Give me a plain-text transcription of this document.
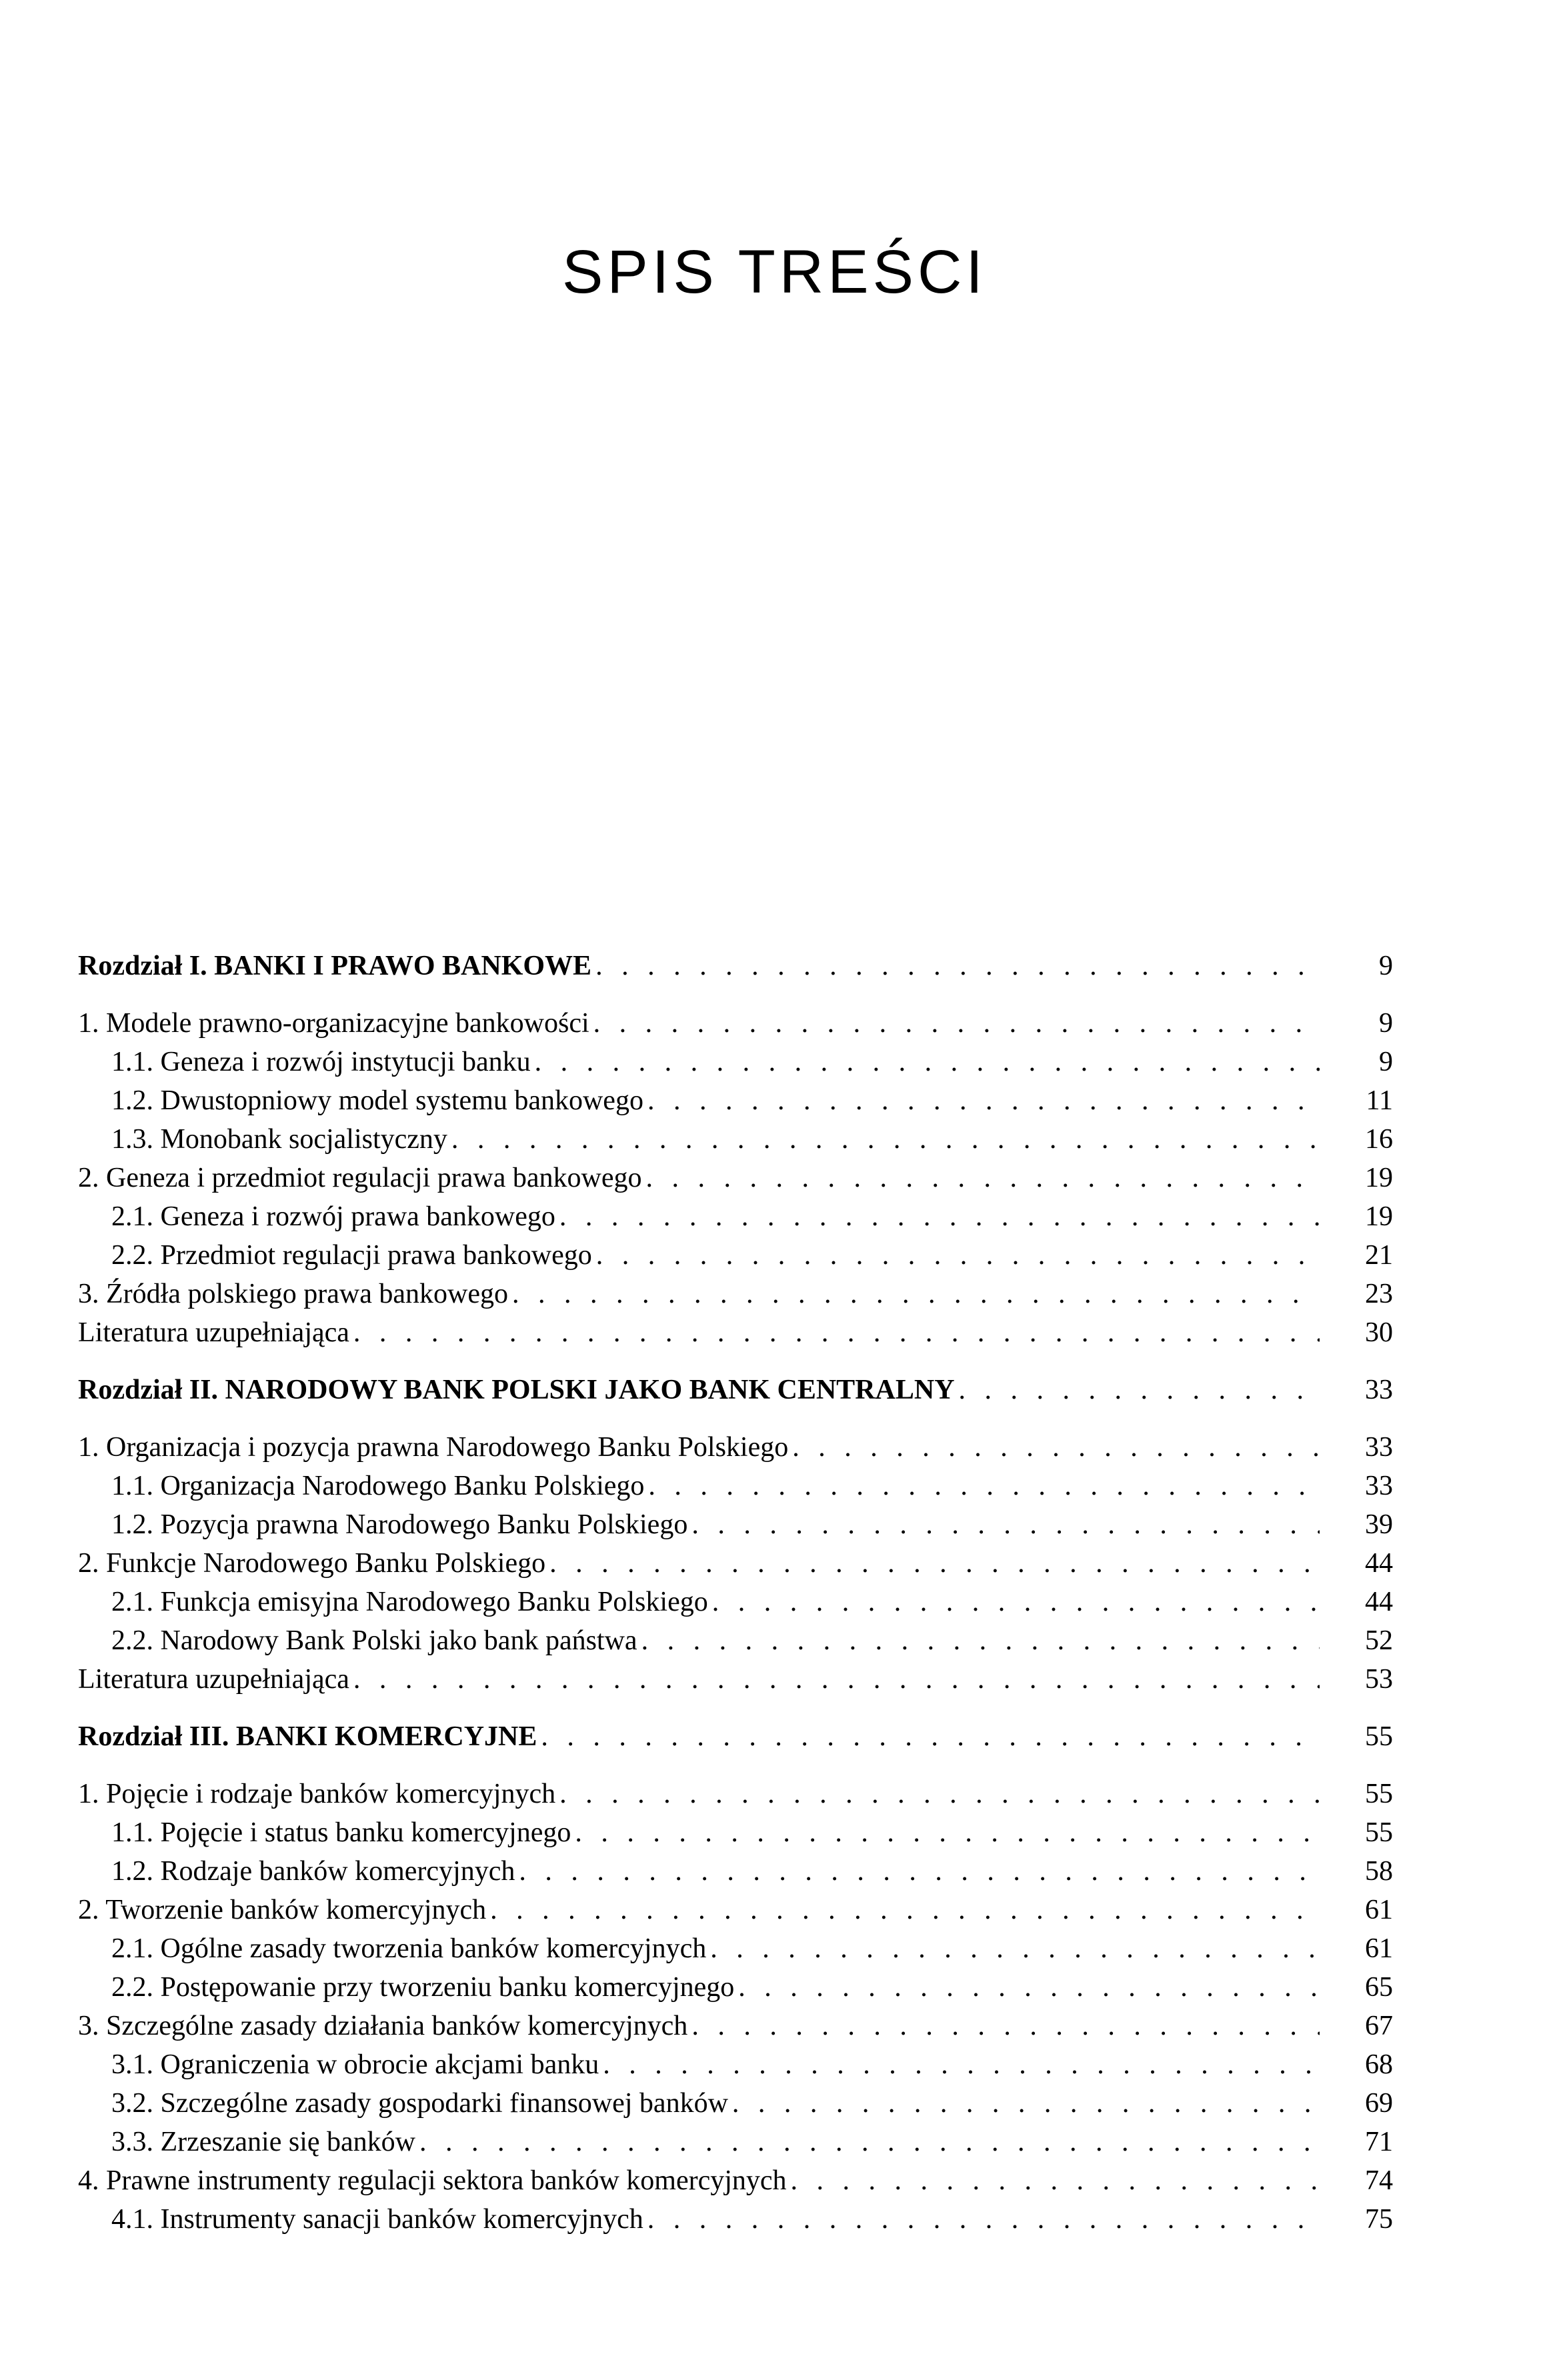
SPIS TREŚCI
Rozdział I. BANKI I PRAWO BANKOWE . . .	9
1. Modele prawno-organizacyjne bankowości . . .	9
1.1. Geneza i rozwój instytucji banku . . .	9
1.2. Dwustopniowy model systemu bankowego . . .	11
1.3. Monobank socjalistyczny . . .	16
2. Geneza i przedmiot regulacji prawa bankowego . . .	19
2.1. Geneza i rozwój prawa bankowego . . .	19
2.2. Przedmiot regulacji prawa bankowego . . .	21
3. Źródła polskiego prawa bankowego . . .	23
Literatura uzupełniająca . . .	30
Rozdział II. NARODOWY BANK POLSKI JAKO BANK CENTRALNY . . .	33
1. Organizacja i pozycja prawna Narodowego Banku Polskiego . . .	33
1.1. Organizacja Narodowego Banku Polskiego . . .	33
1.2. Pozycja prawna Narodowego Banku Polskiego . . .	39
2. Funkcje Narodowego Banku Polskiego . . .	44
2.1. Funkcja emisyjna Narodowego Banku Polskiego . . .	44
2.2. Narodowy Bank Polski jako bank państwa . . .	52
Literatura uzupełniająca . . .	53
Rozdział III. BANKI KOMERCYJNE . . .	55
1. Pojęcie i rodzaje banków komercyjnych . . .	55
1.1. Pojęcie i status banku komercyjnego . . .	55
1.2. Rodzaje banków komercyjnych . . .	58
2. Tworzenie banków komercyjnych . . .	61
2.1. Ogólne zasady tworzenia banków komercyjnych . . .	61
2.2. Postępowanie przy tworzeniu banku komercyjnego . . .	65
3. Szczególne zasady działania banków komercyjnych . . .	67
3.1. Ograniczenia w obrocie akcjami banku . . .	68
3.2. Szczególne zasady gospodarki finansowej banków . . .	69
3.3. Zrzeszanie się banków . . .	71
4. Prawne instrumenty regulacji sektora banków komercyjnych . . .	74
4.1. Instrumenty sanacji banków komercyjnych . . .	75
